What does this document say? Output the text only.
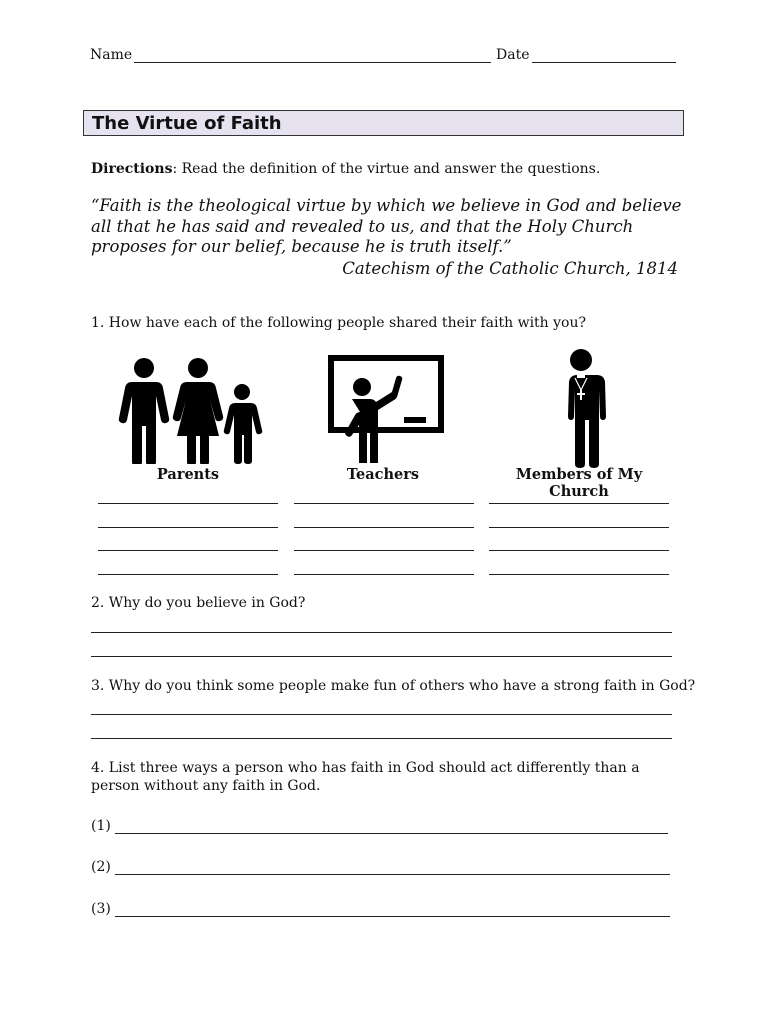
Name	Date
The Virtue of Faith
Directions: Read the definition of the virtue and answer the questions.
“Faith is the theological virtue by which we believe in God and believe all that he has said and revealed to us, and that the Holy Church proposes for our belief, because he is truth itself.”
Catechism of the Catholic Church, 1814
1. How have each of the following people shared their faith with you?
Parents	Teachers	Members of My Church
2. Why do you believe in God?
3. Why do you think some people make fun of others who have a strong faith in God?
4. List three ways a person who has faith in God should act differently than a person without any faith in God.
(1)
(2)
(3)
